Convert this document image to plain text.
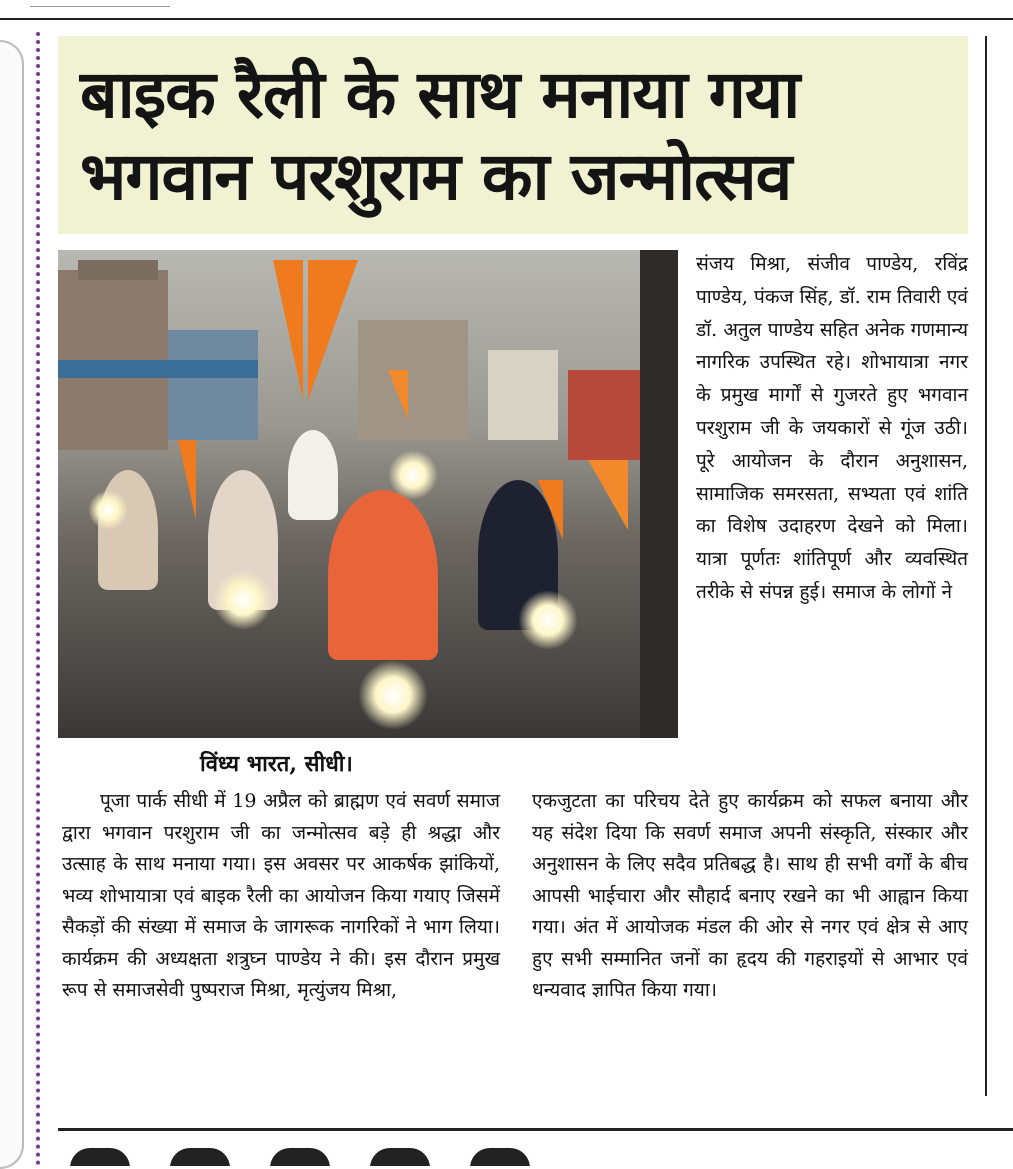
बाइक रैली के साथ मनाया गया
भगवान परशुराम का जन्मोत्सव
विंध्य भारत, सीधी।

पूजा पार्क सीधी में 19 अप्रैल को ब्राह्मण एवं सवर्ण समाज द्वारा भगवान परशुराम जी का जन्मोत्सव बड़े ही श्रद्धा और उत्साह के साथ मनाया गया। इस अवसर पर आकर्षक झांकियों, भव्य शोभायात्रा एवं बाइक रैली का आयोजन किया गयाए जिसमें सैकड़ों की संख्या में समाज के जागरूक नागरिकों ने भाग लिया। कार्यक्रम की अध्यक्षता शत्रुघ्न पाण्डेय ने की। इस दौरान प्रमुख रूप से समाजसेवी पुष्पराज मिश्रा, मृत्युंजय मिश्रा,

संजय मिश्रा, संजीव पाण्डेय, रविंद्र पाण्डेय, पंकज सिंह, डॉ. राम तिवारी एवं डॉ. अतुल पाण्डेय सहित अनेक गणमान्य नागरिक उपस्थित रहे। शोभायात्रा नगर के प्रमुख मार्गों से गुजरते हुए भगवान परशुराम जी के जयकारों से गूंज उठी। पूरे आयोजन के दौरान अनुशासन, सामाजिक समरसता, सभ्यता एवं शांति का विशेष उदाहरण देखने को मिला। यात्रा पूर्णतः शांतिपूर्ण और व्यवस्थित तरीके से संपन्न हुई। समाज के लोगों ने

एकजुटता का परिचय देते हुए कार्यक्रम को सफल बनाया और यह संदेश दिया कि सवर्ण समाज अपनी संस्कृति, संस्कार और अनुशासन के लिए सदैव प्रतिबद्ध है। साथ ही सभी वर्गों के बीच आपसी भाईचारा और सौहार्द बनाए रखने का भी आह्वान किया गया। अंत में आयोजक मंडल की ओर से नगर एवं क्षेत्र से आए हुए सभी सम्मानित जनों का हृदय की गहराइयों से आभार एवं धन्यवाद ज्ञापित किया गया।
